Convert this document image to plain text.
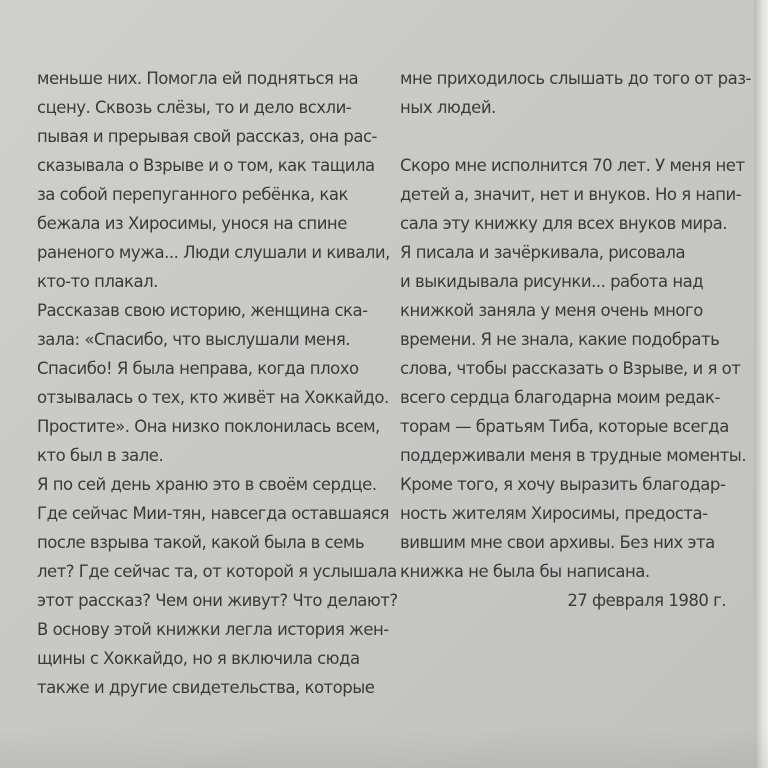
меньше них. Помогла ей подняться на
сцену. Сквозь слёзы, то и дело всхли-
пывая и прерывая свой рассказ, она рас-
сказывала о Взрыве и о том, как тащила
за собой перепуганного ребёнка, как
бежала из Хиросимы, унося на спине
раненого мужа... Люди слушали и кивали,
кто-то плакал.
Рассказав свою историю, женщина ска-
зала: «Спасибо, что выслушали меня.
Спасибо! Я была неправа, когда плохо
отзывалась о тех, кто живёт на Хоккайдо.
Простите». Она низко поклонилась всем,
кто был в зале.
Я по сей день храню это в своём сердце.
Где сейчас Мии-тян, навсегда оставшаяся
после взрыва такой, какой была в семь
лет? Где сейчас та, от которой я услышала
этот рассказ? Чем они живут? Что делают?
В основу этой книжки легла история жен-
щины с Хоккайдо, но я включила сюда
также и другие свидетельства, которые
мне приходилось слышать до того от раз-
ных людей.
Скоро мне исполнится 70 лет. У меня нет
детей а, значит, нет и внуков. Но я напи-
сала эту книжку для всех внуков мира.
Я писала и зачёркивала, рисовала
и выкидывала рисунки... работа над
книжкой заняла у меня очень много
времени. Я не знала, какие подобрать
слова, чтобы рассказать о Взрыве, и я от
всего сердца благодарна моим редак-
торам — братьям Тиба, которые всегда
поддерживали меня в трудные моменты.
Кроме того, я хочу выразить благодар-
ность жителям Хиросимы, предоста-
вившим мне свои архивы. Без них эта
книжка не была бы написана.
27 февраля 1980 г.
